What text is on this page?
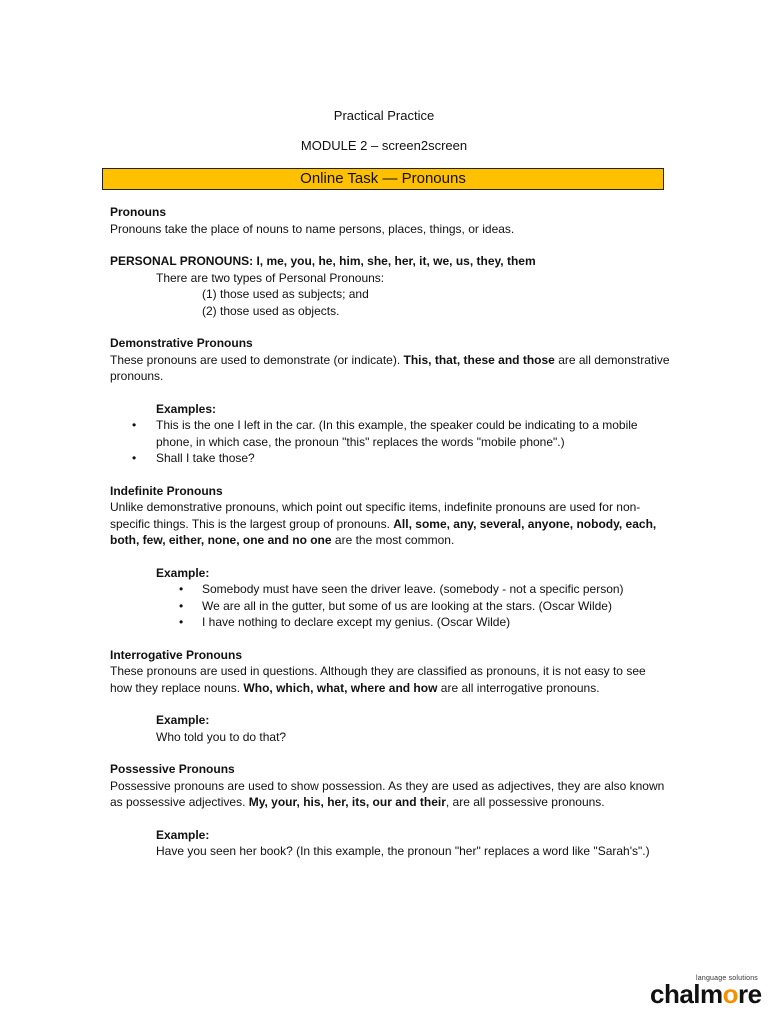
Practical Practice
MODULE 2 – screen2screen
Online Task — Pronouns

Pronouns

Pronouns take the place of nouns to name persons, places, things, or ideas.

PERSONAL PRONOUNS: I, me, you, he, him, she, her, it, we, us, they, them

There are two types of Personal Pronouns:

(1) those used as subjects; and

(2) those used as objects.

Demonstrative Pronouns

These pronouns are used to demonstrate (or indicate). This, that, these and those are all demonstrative pronouns.

Examples:

• This is the one I left in the car. (In this example, the speaker could be indicating to a mobile phone, in which case, the pronoun "this" replaces the words "mobile phone".)

• Shall I take those?

Indefinite Pronouns

Unlike demonstrative pronouns, which point out specific items, indefinite pronouns are used for non-specific things. This is the largest group of pronouns. All, some, any, several, anyone, nobody, each, both, few, either, none, one and no one are the most common.

Example:

• Somebody must have seen the driver leave. (somebody - not a specific person)

• We are all in the gutter, but some of us are looking at the stars. (Oscar Wilde)

• I have nothing to declare except my genius. (Oscar Wilde)

Interrogative Pronouns

These pronouns are used in questions. Although they are classified as pronouns, it is not easy to see how they replace nouns. Who, which, what, where and how are all interrogative pronouns.

Example:

Who told you to do that?

Possessive Pronouns

Possessive pronouns are used to show possession. As they are used as adjectives, they are also known as possessive adjectives. My, your, his, her, its, our and their, are all possessive pronouns.

Example:

Have you seen her book? (In this example, the pronoun "her" replaces a word like "Sarah's".)

language solutions
chalmore
